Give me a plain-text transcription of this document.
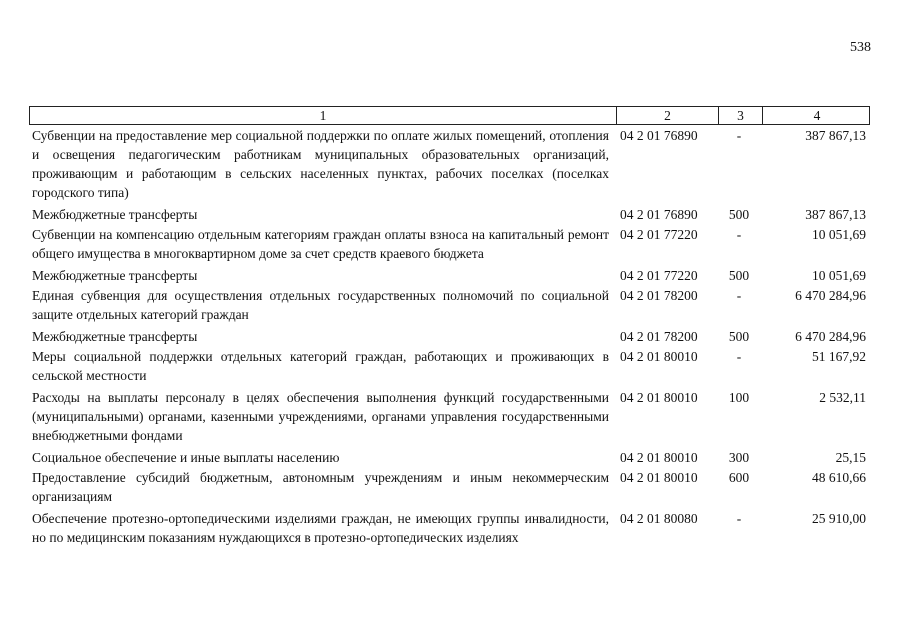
538
1	2	3	4
Субвенции на предоставление мер социальной поддержки по оплате жилых помещений, отопления и освещения педагогическим работникам муниципальных образовательных организаций, проживающим и работающим в сельских населенных пунктах, рабочих поселках (поселках городского типа)
04 2 01 76890	-	387 867,13
Межбюджетные трансферты	04 2 01 76890	500	387 867,13
Субвенции на компенсацию отдельным категориям граждан оплаты взноса на капитальный ремонт общего имущества в многоквартирном доме за счет средств краевого бюджета
04 2 01 77220	-	10 051,69
Межбюджетные трансферты	04 2 01 77220	500	10 051,69
Единая субвенция для осуществления отдельных государственных полномочий по социальной защите отдельных категорий граждан
04 2 01 78200	-	6 470 284,96
Межбюджетные трансферты	04 2 01 78200	500	6 470 284,96
Меры социальной поддержки отдельных категорий граждан, работающих и проживающих в сельской местности
04 2 01 80010	-	51 167,92
Расходы на выплаты персоналу в целях обеспечения выполнения функций государственными (муниципальными) органами, казенными учреждениями, органами управления государственными внебюджетными фондами
04 2 01 80010	100	2 532,11
Социальное обеспечение и иные выплаты населению	04 2 01 80010	300	25,15
Предоставление субсидий бюджетным, автономным учреждениям и иным некоммерческим организациям
04 2 01 80010	600	48 610,66
Обеспечение протезно-ортопедическими изделиями граждан, не имеющих группы инвалидности, но по медицинским показаниям нуждающихся в протезно-ортопедических изделиях
04 2 01 80080	-	25 910,00
